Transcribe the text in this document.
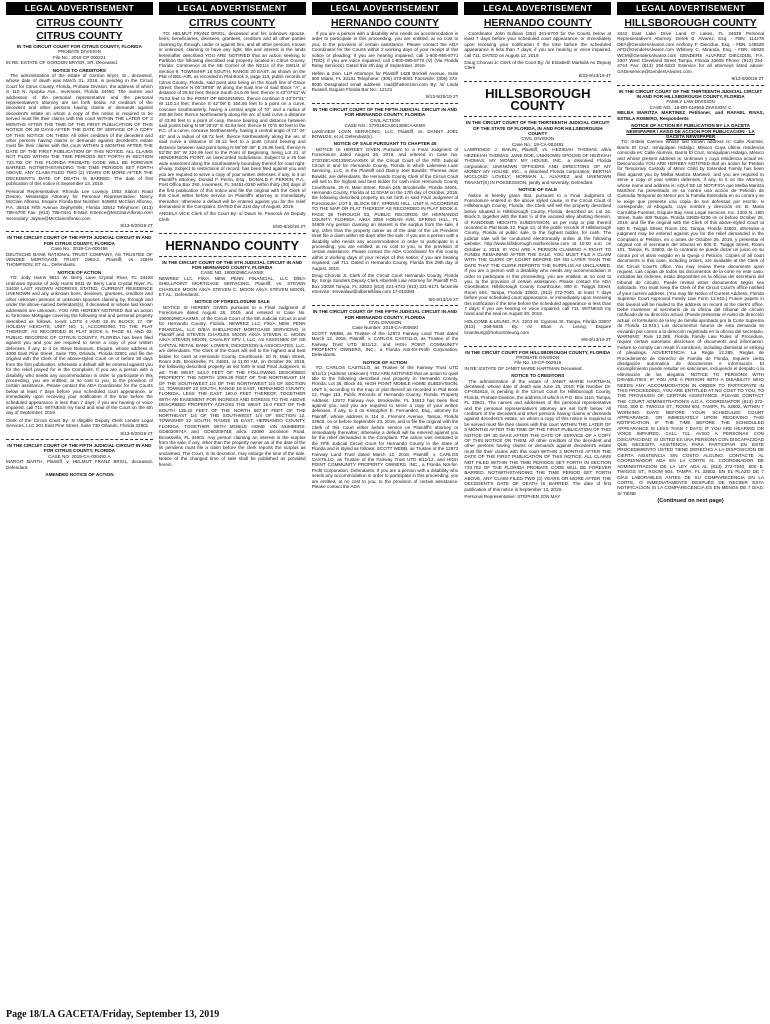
LEGAL ADVERTISEMENT
CITRUS COUNTY
CITRUS COUNTY
IN THE CIRCUIT COURT FOR CITRUS COUNTY, FLORIDA
PROBATE DIVISION
File No.: 2019 CP 000221
IN RE: ESTATE OF GORDON BRYER, SR. Deceased.
NOTICE TO CREDITORS
The administration of the estate of Gordon Bryer, Sr., deceased, whose date of death was March 31, 2018, is pending in the Circuit Court for Citrus County, Florida, Probate Division, the address of which is 110 N. Apopka Ave., Inverness, Florida 34450. The names and addresses of the personal representative and the personal representative's attorney are set forth below. All creditors of the decedent and other persons having claims or demands against decedent's estate on whom a copy of this notice is required to be served must file their claims with this court WITHIN THE LATER OF 3 MONTHS AFTER THE TIME OF THE FIRST PUBLICATION OF THIS NOTICE OR 30 DAYS AFTER THE DATE OF SERVICE OF A COPY OF THIS NOTICE ON THEM. All other creditors of the decedent and other persons having claims or demands against decedent's estate must file their claims with this court WITHIN 3 MONTHS AFTER THE DATE OF THE FIRST PUBLICATION OF THIS NOTICE. ALL CLAIMS NOT FILED WITHIN THE TIME PERIODS SET FORTH IN SECTION 733.702 OF THE FLORIDA PROBATE CODE WILL BE FOREVER BARRED. NOTWITHSTANDING THE TIME PERIODS SET FORTH ABOVE, ANY CLAIM FILED TWO (2) YEARS OR MORE AFTER THE DECEDENT'S DATE OF DEATH IS BARRED. The date of first publication of this notice is September 13, 2019.
Personal Representative: Rhonda Lee Lovejoy 1053 Slalom Road Desoto, Mississippi Attorney for Personal Representative: Nancy McClain Alfonso, Esquire Florida Bar Number: 845892 McClain Alfonso, P.A. 38416 Fifth Avenue Zephyrhills, Florida 33542 Telephone: (813) 788-6700 Fax: (813) 788-0441 E-Mail: ESerice@McClainAlfonso.com Secondary: Jayme@McClainAlfonso.com
9/13-9/20/19 2T
IN THE CIRCUIT COURT OF THE FIFTH JUDICIAL CIRCUIT IN AND FOR CITRUS COUNTY, FLORIDA
Case No.: 2019-CA-000456
DEUTSCHE BANK NATIONAL TRUST COMPANY, AS TRUSTEE OF VENDEE MORTGAGE TRUST 1993-2, Plaintiff, vs. JOHN THOMPSON; ET AL., Defendants.
NOTICE OF ACTION
TO: Jody Harris 9611 W. Berry Lane Crystal River, FL 34428 Unknown Spouse of Jody Harris 9611 W. Berry Lane Crystal River, FL 34428 LAST KNOWN ADDRESS STATED, CURRENT RESIDENCE UNKNOWN and any unknown heirs, devisees, grantees, creditors and other unknown persons or unknown spouses claiming by, through and under the above-named Defendant(s), if deceased or whose last known addresses are unknown. YOU ARE HEREBY NOTIFIED that an action to foreclose Mortgage covering the following real and personal property described as follows, to-wit: LOTS 4 AND 15 IN BLOCK 17, OF HOLIDAY HEIGHTS, UNIT NO. 1, ACCORDING TO THE PLAT THEREOF, AS RECORDED IN PLAT BOOK 4, PAGE 61 AND 62, PUBLIC RECORDS OF CITRUS COUNTY, FLORIDA has been filed against you and you are required to serve a copy of your written defenses, if any, to it on Steve Bonacum, Esquire, whose address is 4000 East Pine Street, Suite 700, Orlando, Florida 32801 and file the original with the Clerk of the above-styled Court on or before 30 days from the first publication, otherwise a default will be entered against you for the relief prayed for in the Complaint. If you are a person with a disability who needs any accommodation in order to participate in this proceeding, you are entitled, at no cost to you, to the provision of certain assistance. Please contact the ADA Coordinator for the Courts below at least 7 days before your scheduled court appearance, or immediately upon receiving your notification if the time before the scheduled appearance is less than 7 days; if you are hearing or voice impaired, call 711. WITNESS my hand and seal of the Court on the 6th day of September, 2019.
Clerk of the Circuit Court By: s/ Illegible Deputy Clerk Lender Legal Services, LLC 201 East Pine Street, Suite 730 Orlando, Florida 32801
9/13-9/20/19 2T
IN THE CIRCUIT COURT OF THE FIFTH JUDICIAL CIRCUIT IN AND FOR CITRUS COUNTY, FLORIDA
CASE NO. 2019-CA-000492 A
MARGIT BARTH, Plaintiff, v. HELMUT FRANZ BRIGL, deceased, Defendant.
AMENDED NOTICE OF ACTION
LEGAL ADVERTISEMENT
CITRUS COUNTY
TO: HELMUT FRANZ BRIGL, deceased and his unknown spouse, heirs, beneficiaries, devisees, grantees, creditors and all other parties claiming by, through, under or against him, and all other persons, known or unknown, claiming to have any right, title and interest in the lands hereinafter described YOU ARE NOTIFIED that an action seeking to Partition the following described real property located in Citrus County, Florida: Commence at the SE Corner of the NE1/4 of the SW1/4 of Section 9, TOWNSHIP 18 SOUTH, RANGE 20 EAST, as shown on the Plat of BEL-AIR, as recorded in Plat Book 3, page 113, public records of Citrus County, Florida, said point also being on the South line of Grace Street; thence N 00°39'56" W along the East line of said Block "A", a distance of 29.62 feet; thence South 24.5.00 feet; thence S 43°07'51" W 79.53 feet to the POINT OF BEGINNING, thence continue S 43°07'51" W 110.14 feet; thence S 42°09' E 164.86 feet to a point on a curve, concave Southeasterly, having a central angle of 70° and a radius of 265.56 feet; thence Northeasterly along the arc of said curve a distance of 43.98 feet to a point of cusp, thence bearing and distance between said points being N 59°29'32" E 43.94 feet; thence N 70°E 80 feet to the P.C. of a curve, concave Northwesterly, having a central angle of 72° 04' 45" and a radius of 68.72 feet; thence Northeasterly along the arc of said curve a distance of 26.12 feet to a point (chord bearing and distance between said point being N 59°06' 38" E 25.96 feet); thence N 53°08' 06" W 224.99 feet to the Point of Beginning, being Lot 21, of HENDERSON POINT, an unrecorded Subdivision. Subject to a 25 foot wide easement along the Southeasterly boundary thereof for road right-of-way. Subject to restrictions of record. has been filed against you and you are required to serve a copy of your written defenses, if any, to it on Plaintiff's attorney, Donald F. Perrin, Esq., DONALD F. PERRIN, P.A., Post Office Box 250, Inverness, FL 34451-0250 within thirty (30) days of the first publication of this notice and file the original with the Clerk of this Court either before service on Plaintiff's attorney or immediately thereafter; otherwise a default will be entered against you for the relief demanded in the Complaint. DATED this 21st day of August, 2019.
ANGELA VICK Clerk of the Court By: s/ Dawn M. Peacock As Deputy Clerk
8/30-9/20/19 4T
HERNANDO COUNTY
IN THE CIRCUIT COURT OF THE 5TH JUDICIAL CIRCUIT IN AND FOR HERNANDO COUNTY, FLORIDA
CASE NO. 19000296CAAXMX
NEWREZ LLC F/K/A NEW PENN FINANCIAL, LLC D/B/A SHELLPOINT MORTGAGE SERVICING, Plaintiff, vs. STEVEN CHARLES MOON A/K/A STEVEN C. MOON A/K/A STEVEN MOON, ET AL., Defendants.
NOTICE OF FORECLOSURE SALE
NOTICE IS HEREBY GIVEN pursuant to a Final Judgment of Foreclosure dated August 26, 2019, and entered in Case No. 19000296CAAXMX, of the Circuit Court of the 5th Judicial Circuit in and for Hernando County, Florida. NEWREZ LLC F/K/A NEW PENN FINANCIAL, LLC D/B/A SHELLPOINT MORTGAGE SERVICING, is Plaintiff and STEVEN CHARLES MOON A/K/A STEVEN C. MOON A/K/A STEVEN MOON; CAVALRY SPV I, LLC, AS ASSIGNEE OF GE CAPITAL RETAIL BANK; LOWE'S; DICKERSON & ASSOCIATES, LLC, are defendants. The Clerk of the Court will sell to the highest and best bidder for cash at Hernando County Courthouse, 20 N. Main Street, Room 245, Brooksville, FL 34601, at 11:00 AM, on October 29, 2019, the following described property as set forth in said Final Judgment, to wit: THE WEST 544.0 FEET OF THE FOLLOWING DESCRIBED PROPERTY: THE NORTH 1059.26 FEET OF THE NORTHEAST 1/4 OF THE SOUTHWEST 1/4 OF THE NORTHWEST 1/4 OF SECTION 12, TOWNSHIP 22 SOUTH, RANGE 18 EAST, HERNANDO COUNTY, FLORIDA, LESS THE EAST 160.0 FEET THEREOF, TOGETHER WITH AN EASEMENT FOR INGRESS AND EGRESS TO THE ABOVE DESCRIBED PROPERTY ACROSS THE WEST 15.0 FEET OF THE SOUTH 135.22 FEET OF THE NORTH 567.87 FEET OF THE NORTHEAST 1/4 OF THE SOUTHWEST 1/4 OF SECTION 12, TOWNSHIP 22 SOUTH, RANGE 18 EAST, HERNANDO COUNTY, FLORIDA. TOGETHER WITH MOBILE HOME VIN NUMBERS: GD6020974A and GD6020974B a/k/a 22090 Jacobson Road, Brooksville, FL 34601. Any person claiming an interest in the surplus from the sale, if any, other than the property owner as of the date of the lis pendens must file a claim before the clerk reports the surplus as unclaimed. The Court, in its decretion, may enlarge the time of the sale. Notice of the changed time of sale shall be published as provided herein.
LEGAL ADVERTISEMENT
HERNANDO COUNTY
If you are a person with a disability who needs an accommodation in order to participate in this proceeding, you are entitled, at no cost to you, to the provision of certain assistance. Please contact the ADA Coordinator for the Courts within 2 working days of your receipt of this notice or pleading; if you are hearing impaired, call 1-800-955-8771 (TDD); if you are voice impaired, call 1-800-995-8770 (V) (Via Florida Relay Services). Dated this 4th day of September, 2019.
Hellen & Zion, LLP Attorneys for Plaintiff 1428 Brickell Avenue, Suite 600 Miami, FL 33131 Telephone: (305) 373-8001 Facsimile: (305) 373-8030 Designated email address: mail@hellenzion.com By: /s/ Linda Russell, Esquire Florida Bar No.: 12121
9/13-9/20/19 2T
IN THE CIRCUIT COURT OF THE FIFTH JUDICIAL CIRCUIT IN AND FOR HERNANDO COUNTY, FLORIDA
CIVIL ACTION
CASE NO.: 272018CA001359CAAXMX
LAKEVIEW LOAN SERVICING, LLC, Plaintiff, vs. DANNY JOEL BOWLDS, et al, Defendant(s).
NOTICE OF SALE PURSUANT TO CHAPTER 45
NOTICE IS HEREBY GIVEN Pursuant to a Final Judgment of Foreclosure dated August 28, 2019, and entered in Case No. 272018CA001359CAAXMX of the Circuit Court of the Fifth Judicial Circuit in and for Hernando County, Florida in which Lakeview Loan Servicing, LLC, is the Plaintiff and Danny Joel Bowlds; Theresa Jean Bowlds, are defendants, the Hernando County Clerk of the Circuit Court will sell to the highest and best bidder for cash in/on Hernando County Courthouse, 20 N. Main Street, Room 245, Brooksville, Florida 34601, Hernando County, Florida at 11:00AM on the 17th day of October, 2019, the following described property as set forth in said Final Judgment of Foreclosure: LOT 6, BLOCK 597, SPRING HILL, UNIT 9, ACCORDING TO THE MAP OR PLAT THEREOF AS RECORDED IN PLAT BOOK 8, PAGE 38 THROUGH 53, PUBLIC RECORDS OF HERNANDO COUNTY, FLORIDA. A/K/A 3050 HOBAN AVE, SPRING HILL, FL 34609 Any person claiming an interest in the surplus from the sale, if any, other than the property owner as of the date of the Lis Pendens must file a claim within 60 days after the sale. If you are a person with a disability who needs any accommodation in order to participate in a proceeding, you are entitled, at no cost to you, to the provision of certain assistance. Please contact the ADA Coordinator for this county within 2 working days of your receipt of this notice; if you are hearing impaired, call 711. Dated in Hernando County, Florida this 29th day of August, 2019.
Doug Chorvat Jr. Clerk of the Circuit Court Hernando County, Florida By: Sonja Sanders Deputy Clerk Albertelli Law Attorney for Plaintiff P.O. Box 23028 Tampa, FL 33623 (813) 221-4743 (813) 221-9171 facsimile eService: servealaw@albertellilaw.com 17-018393
9/6-9/13/19 2T
IN THE CIRCUIT COURT OF THE FIFTH JUDICIAL CIRCUIT IN AND FOR HERNANDO COUNTY, FLORIDA
CIVIL DIVISION
Case Number: 2019-CA-000600
SCOTT WEBB, as Trustee of the 12972 Fairway Land Trust dated March 12, 2018, Plaintiff, v. CARLOS CASTILLO, as Trustee of the Fairway Trust UTD 6/11/12, and HIGH POINT COMMUNITY PROPERTY OWNERS, INC., a Florida Not-for-Profit Corporation, Defendants.
NOTICE OF ACTION
TO: CARLOS CASTILLO, as Trustee of the Fairway Trust UTD 6/11/12 (Address Unknown) YOU ARE NOTIFIED that an action to quiet title to the following described real property in Hernando County, Florida: Lot 35, Block 45, HIGH POINT MOBILE HOME SUBDIVISION, UNIT 5, according to the map or plat thereof as recorded in Plat Book 12, Page 113, Public Records of Hernando County, Florida. Property Address: 12972 Fairway Ave, Brooksville, FL 34613 has been filed against you, and you are required to serve a copy of your written defenses, if any, to it on Kristopher E. Fernandez, Esq., attorney for Plaintiff, whose address is 114 S. Fremont Avenue, Tampa, Florida 33606, on or before September 23, 2019, and to file the original with the Clerk of this Court either before service on Plaintiff's attorney or immediately thereafter; otherwise a default will be entered against you for the relief demanded in the Complaint. The action was instituted in the Fifth Judicial Circuit Court for Hernando County in the State of Florida and is styled as follows: SCOTT WEBB, as Trustee of the 12972 Fairway Land Trust dated March 12, 2018, Plaintiff, v. CARLOS CASTILLO, as Trustee of the Fairway Trust UTD 6/11/12, and HIGH POINT COMMUNITY PROPERTY OWNERS, INC., a Florida Not-for-Profit Corporation, Defendants. If you are a person with a disability who needs any accommodation in order to participate in this proceeding, you are entitled, at no cost to you, to the provision of certain assistance. Please contact the ADA
LEGAL ADVERTISEMENT
HERNANDO COUNTY
Coordinator John Sullivan (352) 341-6700 for the Courts below at least 7 days before your scheduled court appearance, or immediately upon receiving your notification if the time before the scheduled appearance is less than 7 days; if you are hearing or voice impaired, call 711. DATED on August 12, 2019.
Doug Chorvat Jr. Clerk of the Court By: /s/ Elizabeth Markidis As Deputy Clerk
8/23-9/13/19 4T
HILLSBOROUGH COUNTY
IN THE CIRCUIT COURT OF THE THIRTEENTH JUDICIAL CIRCUIT OF THE STATE OF FLORIDA, IN AND FOR HILLSBOROUGH COUNTY
CIVIL DIVISION
Case No.: 19-CA-002481
LAWRENCE J. BAILIN, Plaintiff, vs. HEZIKIAH THOMAS a/k/a HEZEKIAH THOMAS; JANE DOE, UNKNOWN SPOUSE OF HEZIKIAH THOMAS; MY MONEY MY HOUSE, INC., a dissolved Florida corporation; UNKNOWN OFFICERS AND DIRECTORS OF MY MONEY MY HOUSE, INC., a dissolved Florida corporation; BERTHA MCCLOUD LOVELY; NORMAN L. ALVAREZ and UNKNOWN TENANT(S) IN POSSESSION, jointly and severally, Defendant.
NOTICE OF SALE
Notice is hereby given that, pursuant to a Final Judgment of Foreclosure entered in the above styled cause, in the Circuit Court of Hillsborough County, Florida, the Clerk will sell the property described below situated in Hillsborough County, Florida, described as: Lot 16, Block 3, together with the East ½ of the vacated alley abutting thereon, of RANDOME HEIGHTS SUBDIVISION, as per map or plat thereof recorded in Plat Book 32, Page 13, of the public records of Hillsborough County, Florida at public sale, to the highest bidder, for cash. The judicial sale will be conducted electronically online at the following website: http://www.hillsborough.realforeclose.com at 10:00 a.m. on October 1, 2019. IF YOU ARE A PERSON CLAIMING A RIGHT TO FUNDS REMAINING AFTER THE SALE, YOU MUST FILE A CLAIM WITH THE CLERK OF COURT BEFORE OR NO LATER THAN THE DATE THAT THE CLERK REPORTS THE SURPLUS AS UNCLAIMED. If you are a person with a disability who needs any accommodation in order to participate in this proceeding, you are entitled, at no cost to you, to the provision of certain assistance. Please contact the ADA Coordinator, Hillsborough County Courthouse, 800 E. Twiggs Street, Room 604, Tampa, Florida 33602, (813) 272-7040, at least 7 days before your scheduled court appearance, or immediately upon receiving this notification if the time before the scheduled appearance is less than 7 days; if you are hearing or voice impaired, call 711. WITNESS my hand and the seal on August 30, 2019.
HOLCOMB & LEUNG, P.A. 3203 W. Cypress St. Tampa, Florida 33607 (813) 258-5835 By: /s/ Brian A. Leung, Esquire brianleung@holcombleung.com
9/6-9/13/19 2T
IN THE CIRCUIT COURT FOR HILLSBOROUGH COUNTY, FLORIDA
PROBATE DIVISION
File No. 19-CP-002615
IN RE: ESTATE OF JANET MARIE HARTMAN Deceased.
NOTICE TO CREDITORS
The administration of the estate of JANET MARIE HARTMAN, deceased, whose date of death was June 15, 2019; File Number 19-CP-002615, is pending in the Circuit Court for Hillsborough County, Florida, Probate Division, the address of which is P.O. Box 1110, Tampa, FL 33601. The names and addresses of the personal representative and the personal representative's attorney are set forth below. All creditors of the decedent and other persons having claims or demands against decedent's estate, on whom a copy of this notice is required to be served must file their claims with this court WITHIN THE LATER OF 3 MONTHS AFTER THE TIME OF THE FIRST PUBLICATION OF THIS NOTICE OR 30 DAYS AFTER THE DATE OF SERVICE OF A COPY OF THIS NOTICE ON THEM. All other creditors of the decedent and other persons having claims or demands against decedent's estate must file their claims with this court WITHIN 3 MONTHS AFTER THE DATE OF THE FIRST PUBLICATION OF THIS NOTICE. ALL CLAIMS NOT FILED WITHIN THE TIME PERIODS SET FORTH IN SECTION 733.702 OF THE FLORIDA PROBATE CODE WILL BE FOREVER BARRED. NOTWITHSTANDING THE TIME PERIOD SET FORTH ABOVE, ANY CLAIM FILED TWO (2) YEARS OR MORE AFTER THE DECEDENT'S DATE OF DEATH IS BARRED. The date of first publication of this notice is September 13, 2019.
Personal Representative: STEPHEN JON MAY
LEGAL ADVERTISEMENT
HILLSBOROUGH COUNTY
3442 East Lake Drive Land O' Lakes, FL 34639 Personal Representative's Attorney: Derek B. Alvarez, Esq. - FBN: 114278 DBA@GendersAlvarez.com Anthony F. Diecidue, Esq. - FBN: 146528 AFD@GendersAlvarez.com Whitney C. Miranda, Esq. - FBN: 65928 WCM@GendersAlvarez.com GENDERS ALVAREZ DIECIDUE, P.A. 2307 West Cleveland Street Tampa, Florida 33609 Phone: (813) 254-4744 Fax: (813) 254-5222 Eservice for all attorneys listed above: GADeservice@GendersAlvarez.com
9/13-9/20/19 2T
IN THE CIRCUIT COURT OF THE THIRTEENTH JUDICIAL CIRCUIT IN AND FOR HILLSBOROUGH COUNTY, FLORIDA
FAMILY LAW DIVISION
CASE NO.: 18-DR-018655 DIVISION: C
MELBA MARITZA MARTINEZ Petitioner, and RAFAEL RIVAS, ESTELA ROMERO, Respondents
NOTICE OF ACTION BY PUBLICATION BY LA GACETA NEWSPAPER / AVISO DE ACCION POR PUBLICACION - LA GACETA NEWSPAPER
TO: Estela Carmen whose last known address is: Calle Alumnis, Barrio El Cruz, Ixmiquilpan Hidalgo, México Cuya última residencia conocida es: Calle Alumnis, Barrio El Cruz, Ixmiquilpan Hidalgo, México and whose present address is: Unknown y cuya residencia actual es: Desconocida YOU ARE HEREBY NOTIFIED that an action for Petition for Temporary Custody of Minor Child by Extended Family has been filed against you by Melba Maritza Martinez, and you are required to serve a copy of your written defenses, if any, to it on the Attorney, whose name and address is: AQUÍ SE LE NOTIFICA que Melba Maritza Martínez ha presentado en su contra una acción de Petición de Custodia Temporal de Menor por la Familia Extendida en su contra y se le exige que presente una copia de sus defensas por escrito, si corresponde, al Abogado, cuyo nombre y dirección es: B. Maria Carrubba-Fuentes, Esquire Bay Area Legal Services, Inc. 1302 N. 19th Street, Suite 400 Tampa, Florida 33605-5230 on or before October 26, 2019, and file the original with the Clerk of this above-styled Court at 800 E. Twiggs Street, Room 101, Tampa, Florida 33602, otherwise a judgment may be entered against you for the relief demanded in the Complaint or Petition. en o antes de Octubre 26, 2019, y presentar el original con el secretario del tribunal en 800 E. Twiggs Street, Room 101, Tampa, FL 33602, de lo contrario se puede dictar un juicio en su contra por el alivio exigido en la Queja o Petición. Copies of all court documents in this case, including orders, are available at the Clerk of the Circuit Court's office. You may review these documents upon request. Las copias de todos los documentos de la corte en este caso, incluidas las órdenes, están disponibles en la oficina del secretario del tribunal de circuito. Puede revisar estos documentos según sea solicitado. You must keep the Clerk of the Circuit Court's office notified of your current address. (You may file Notice of Current Address, Florida Supreme Court Approved Family Law Form 12.915.) Future papers in this lawsuit will be mailed to the address on record at the clerk's office. Debe mantener al secretario de la oficina del tribunal de circuito notificado de su dirección actual. (Puede presentar el Aviso de dirección actual, el formulario de la ley de familia aprobado por la Corte Suprema de Florida 12.915.) Los documentos futuros de esta demanda se enviarán por correo a la dirección registrada en la oficina del secretario. WARNING: Rule 12.285, Florida Family Law Rules of Procedure, require certain automatic disclosure of documents and information. Failure to comply can result in sanctions, including dismissal or striking of pleadings. ADVERTENCIA: La Regla 12.285, Reglas de Procedimiento de Derecho de Familia de Florida, requiere cierta divulgación automática de documentos e información. El incumplimiento puede resultar en sanciones, incluyendo el despido o la eliminación de los alegatos. NOTICE TO PERSONS WITH DISABILITIES: IF YOU ARE A PERSON WITH A DISABILITY WHO NEEDS ANY ACCOMMODATION IN ORDER TO PARTICIPATE IN THIS PROCEEDING, YOU ARE ENTITLED AT NO COST TO YOU, TO THE PROVISION OF CERTAIN ASSISTANCE. PLEASE CONTACT THE COURT ADMINISTRATION'S A.D.A. COORDINATOR (813) 272-7040, 800 E. TWIGGS ST., ROOM 604, TAMPA, FL 33602, WITHIN 7 WORKING DAYS BEFORE YOUR SCHEDULED COURT APPEARANCE, OR IMMEDIATELY UPON RECEIVING THIS NOTIFICATION IF THE TIME BEFORE THE SCHEDULED APPEARANCE IS LESS THAN 7 DAYS; IF YOU ARE HEARING OR VOICE IMPAIRED, CALL 711. AVISO A PERSONAS CON DISCAPACIDAD: SI USTED ES UNA PERSONA CON DISCAPACIDAD QUE NECESITA ASISTENCIA PARA PARTICIPAR EN ESTE PROCEDIMIENTO USTED TIENE DERECHO A LA DISPOSICIÓN DE CIERTA ASISTENCIA SIN COSTO ALGUNO. CONTACTE AL COORDINADOR ADA EN LA CORTE AL COORDINADOR DE ADMINISTRACIÓN DE LA LEY ADA AL (813) 272-7040, 800 E. TWIGGS ST., ROOM 604, TAMPA, FL 33602, EN EL PLAZO DE 7 DÍAS LABORABLES ANTES DE SU COMPARECENCIA EN LA CORTE, O INMEDIATAMENTE DESPUÉS DE RECIBIR ESTA NOTIFICACIÓN SI LA COMPARECENCIA ES EN MENOS DE 7 DÍAS; SI TIENE
(Continued on next page)
Page 18/LA GACETA/Friday, September 13, 2019
